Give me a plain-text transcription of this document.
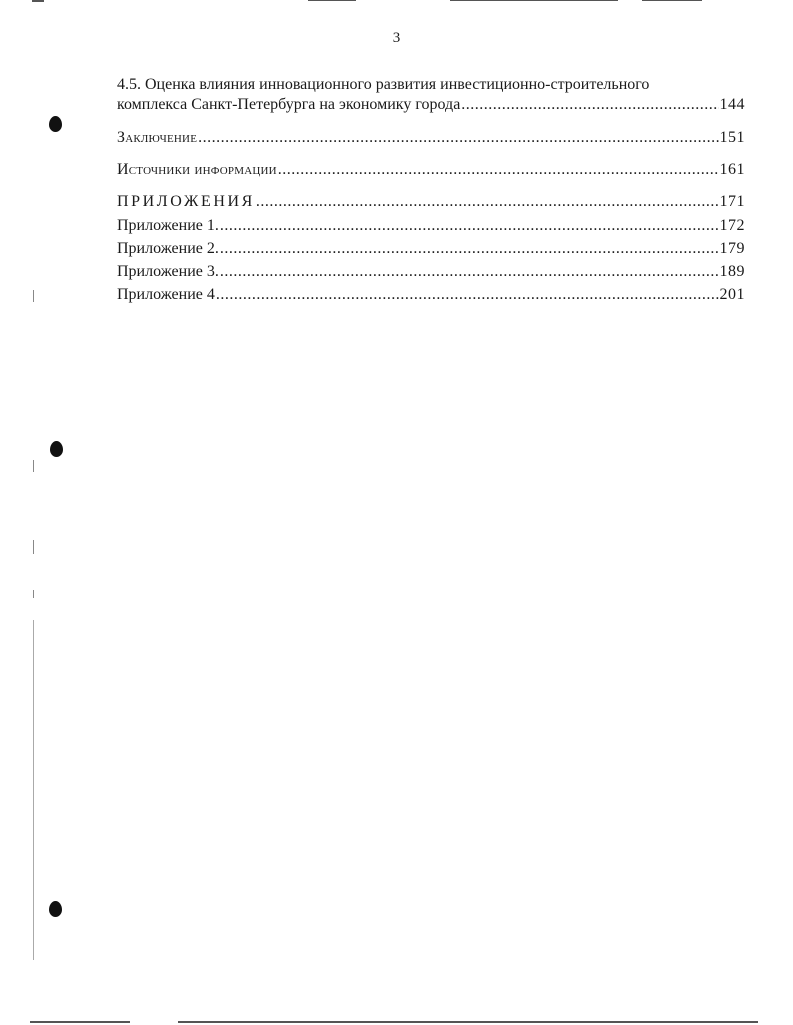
3
4.5. Оценка влияния инновационного развития инвестиционно-строительного
комплекса Санкт-Петербурга на экономику города .....	144
Заключение .....	151
Источники информации .....	161
ПРИЛОЖЕНИЯ .....	171
Приложение 1. .....	172
Приложение 2. .....	179
Приложение 3. .....	189
Приложение 4 .....	201
